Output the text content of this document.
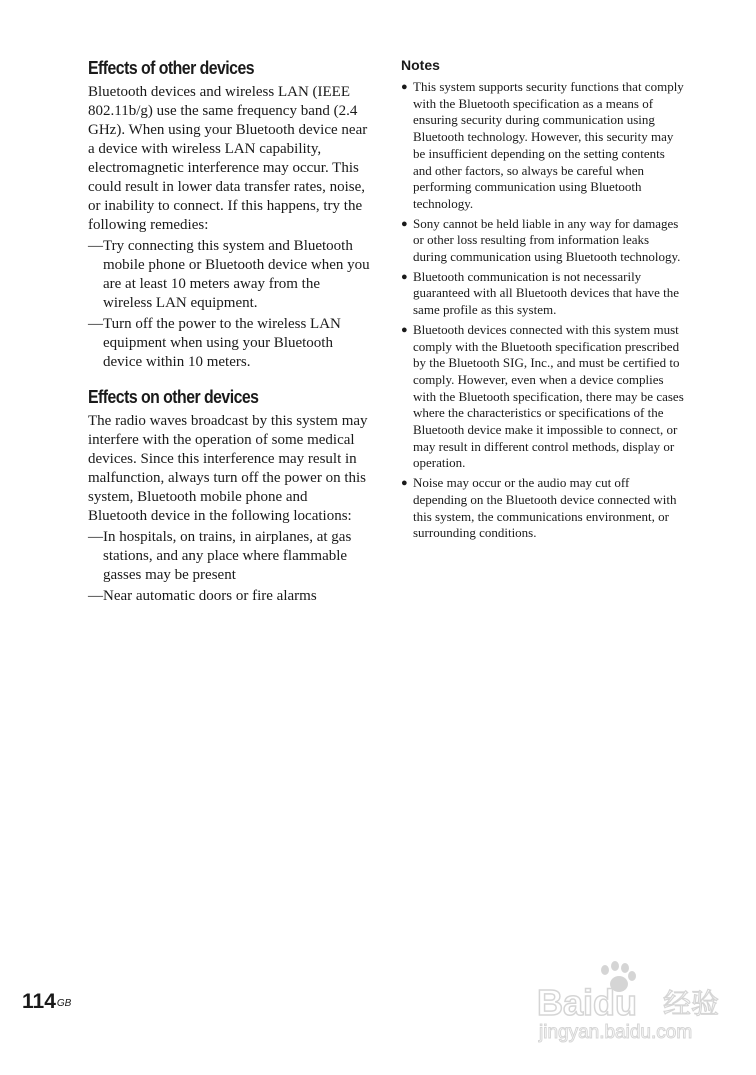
Effects of other devices

Bluetooth devices and wireless LAN (IEEE 802.11b/g) use the same frequency band (2.4 GHz). When using your Bluetooth device near a device with wireless LAN capability, electromagnetic interference may occur. This could result in lower data transfer rates, noise, or inability to connect. If this happens, try the following remedies:

— Try connecting this system and Bluetooth mobile phone or Bluetooth device when you are at least 10 meters away from the wireless LAN equipment.
— Turn off the power to the wireless LAN equipment when using your Bluetooth device within 10 meters.
Effects on other devices

The radio waves broadcast by this system may interfere with the operation of some medical devices. Since this interference may result in malfunction, always turn off the power on this system, Bluetooth mobile phone and Bluetooth device in the following locations:

— In hospitals, on trains, in airplanes, at gas stations, and any place where flammable gasses may be present
— Near automatic doors or fire alarms
Notes
● This system supports security functions that comply with the Bluetooth specification as a means of ensuring security during communication using Bluetooth technology. However, this security may be insufficient depending on the setting contents and other factors, so always be careful when performing communication using Bluetooth technology.
● Sony cannot be held liable in any way for damages or other loss resulting from information leaks during communication using Bluetooth technology.
● Bluetooth communication is not necessarily guaranteed with all Bluetooth devices that have the same profile as this system.
● Bluetooth devices connected with this system must comply with the Bluetooth specification prescribed by the Bluetooth SIG, Inc., and must be certified to comply. However, even when a device complies with the Bluetooth specification, there may be cases where the characteristics or specifications of the Bluetooth device make it impossible to connect, or may result in different control methods, display or operation.
● Noise may occur or the audio may cut off depending on the Bluetooth device connected with this system, the communications environment, or surrounding conditions.
$114^{GB}$	Baidu 经验
jingyan.baidu.com
